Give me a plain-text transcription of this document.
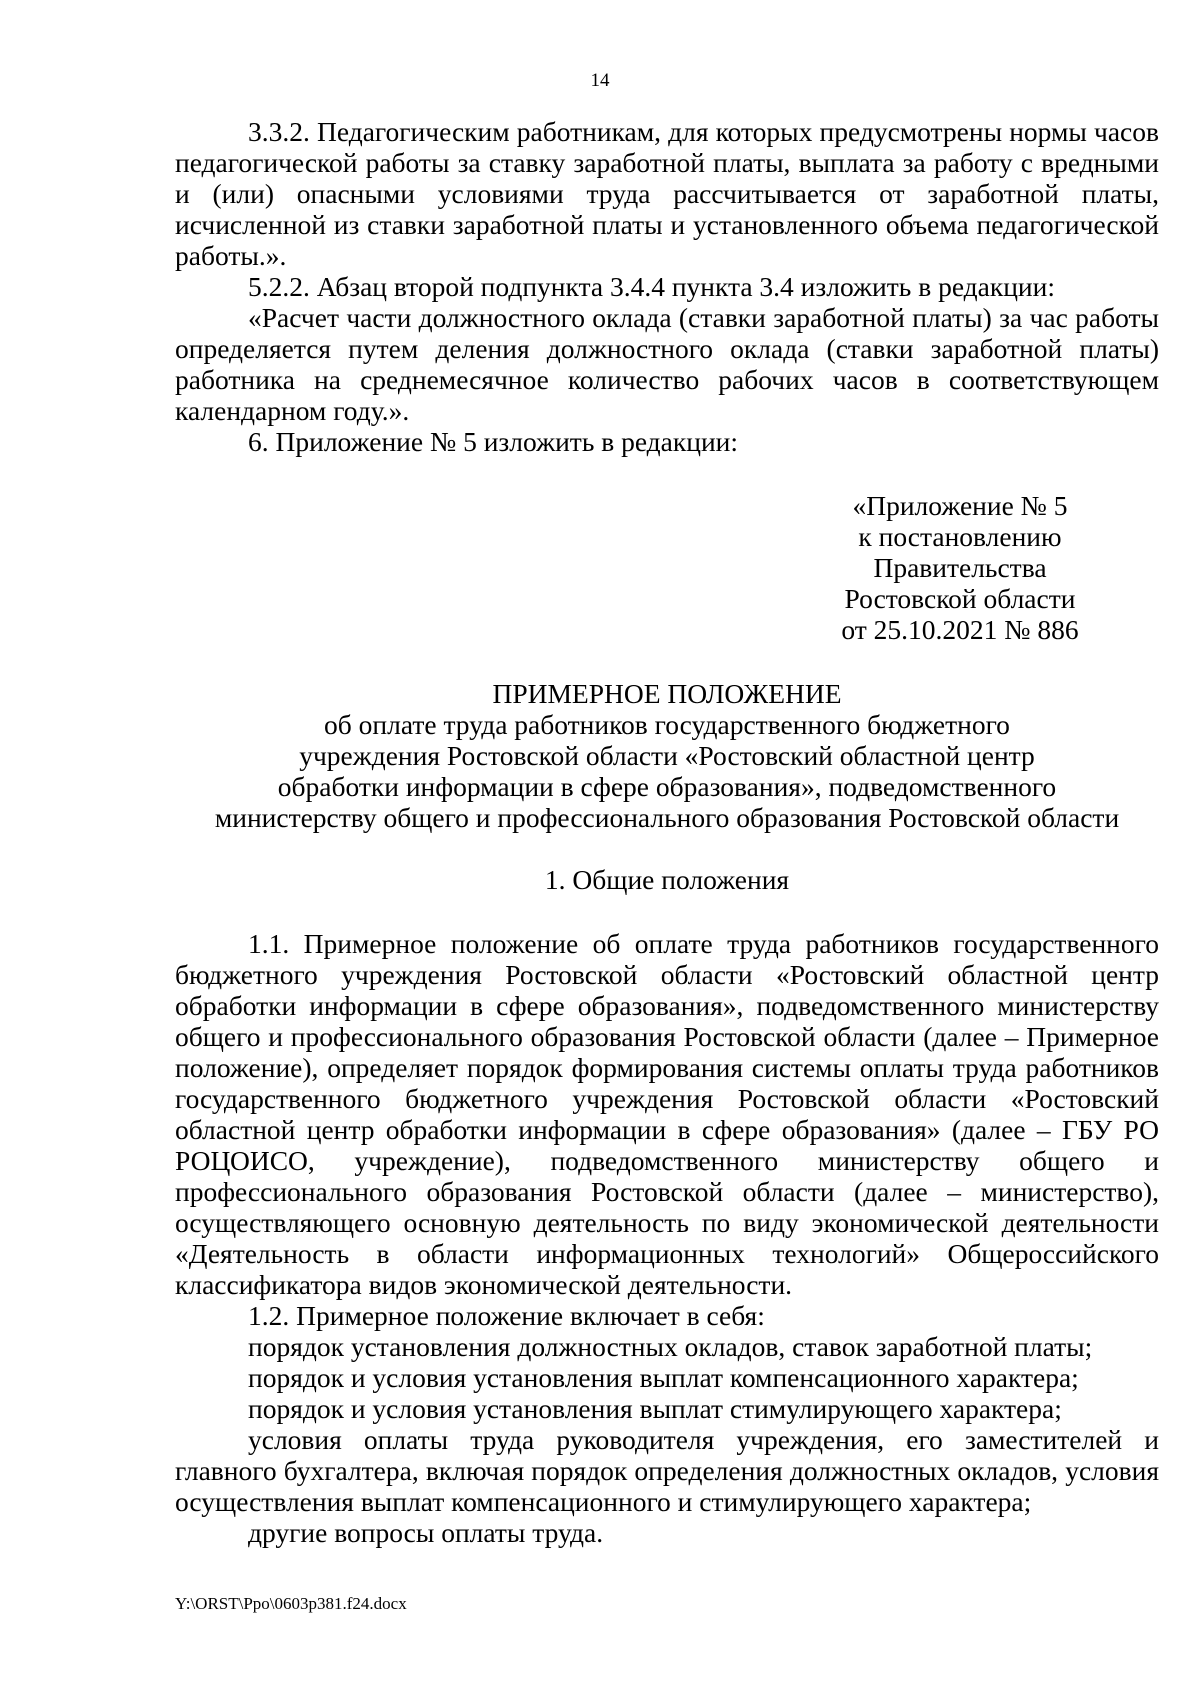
14

3.3.2. Педагогическим работникам, для которых предусмотрены нормы часов педагогической работы за ставку заработной платы, выплата за работу с вредными и (или) опасными условиями труда рассчитывается от заработной платы, исчисленной из ставки заработной платы и установленного объема педагогической работы.».

5.2.2. Абзац второй подпункта 3.4.4 пункта 3.4 изложить в редакции:

«Расчет части должностного оклада (ставки заработной платы) за час работы определяется путем деления должностного оклада (ставки заработной платы) работника на среднемесячное количество рабочих часов в соответствующем календарном году.».

6. Приложение № 5 изложить в редакции:

«Приложение № 5
к постановлению
Правительства
Ростовской области
от 25.10.2021 № 886
ПРИМЕРНОЕ ПОЛОЖЕНИЕ
об оплате труда работников государственного бюджетного
учреждения Ростовской области «Ростовский областной центр
обработки информации в сфере образования», подведомственного
министерству общего и профессионального образования Ростовской области
1. Общие положения

1.1. Примерное положение об оплате труда работников государственного бюджетного учреждения Ростовской области «Ростовский областной центр обработки информации в сфере образования», подведомственного министерству общего и профессионального образования Ростовской области (далее – Примерное положение), определяет порядок формирования системы оплаты труда работников государственного бюджетного учреждения Ростовской области «Ростовский областной центр обработки информации в сфере образования» (далее – ГБУ РО РОЦОИСО, учреждение), подведомственного министерству общего и профессионального образования Ростовской области (далее – министерство), осуществляющего основную деятельность по виду экономической деятельности «Деятельность в области информационных технологий» Общероссийского классификатора видов экономической деятельности.

1.2. Примерное положение включает в себя:

порядок установления должностных окладов, ставок заработной платы;

порядок и условия установления выплат компенсационного характера;

порядок и условия установления выплат стимулирующего характера;

условия оплаты труда руководителя учреждения, его заместителей и главного бухгалтера, включая порядок определения должностных окладов, условия осуществления выплат компенсационного и стимулирующего характера;

другие вопросы оплаты труда.

Y:\ORST\Ppo\0603p381.f24.docx
